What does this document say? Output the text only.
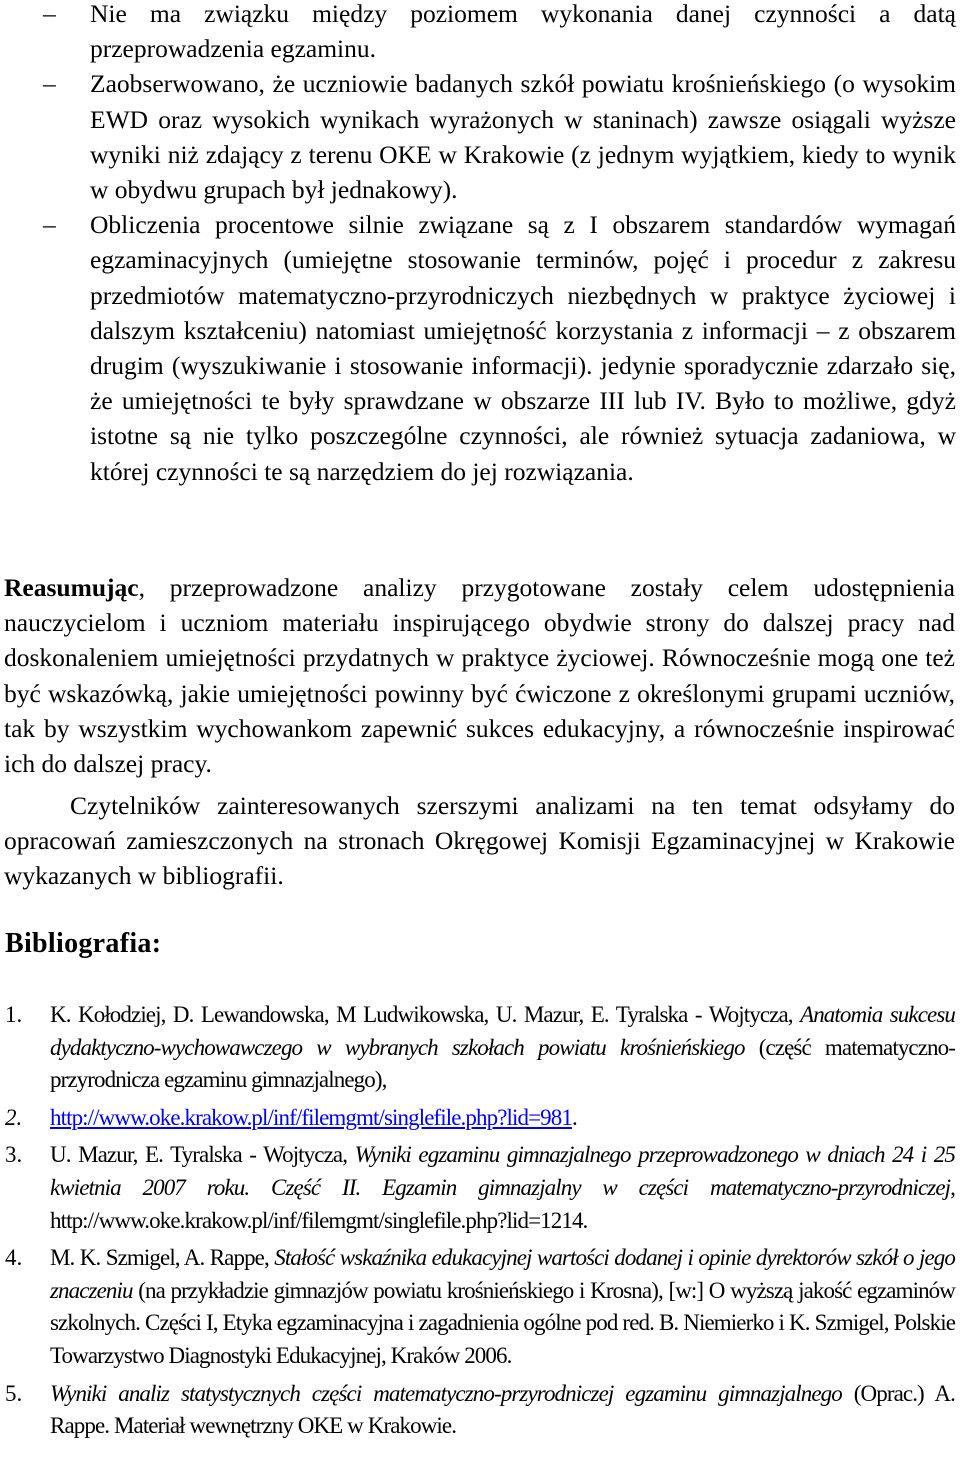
– Nie ma związku między poziomem wykonania danej czynności a datą przeprowadzenia egzaminu.
– Zaobserwowano, że uczniowie badanych szkół powiatu krośnieńskiego (o wysokim EWD oraz wysokich wynikach wyrażonych w staninach) zawsze osiągali wyższe wyniki niż zdający z terenu OKE w Krakowie (z jednym wyjątkiem, kiedy to wynik w obydwu grupach był jednakowy).
– Obliczenia procentowe silnie związane są z I obszarem standardów wymagań egzaminacyjnych (umiejętne stosowanie terminów, pojęć i procedur z zakresu przedmiotów matematyczno-przyrodniczych niezbędnych w praktyce życiowej i dalszym kształceniu) natomiast umiejętność korzystania z informacji – z obszarem drugim (wyszukiwanie i stosowanie informacji). jedynie sporadycznie zdarzało się, że umiejętności te były sprawdzane w obszarze III lub IV. Było to możliwe, gdyż istotne są nie tylko poszczególne czynności, ale również sytuacja zadaniowa, w której czynności te są narzędziem do jej rozwiązania.

Reasumując, przeprowadzone analizy przygotowane zostały celem udostępnienia nauczycielom i uczniom materiału inspirującego obydwie strony do dalszej pracy nad doskonaleniem umiejętności przydatnych w praktyce życiowej. Równocześnie mogą one też być wskazówką, jakie umiejętności powinny być ćwiczone z określonymi grupami uczniów, tak by wszystkim wychowankom zapewnić sukces edukacyjny, a równocześnie inspirować ich do dalszej pracy.

Czytelników zainteresowanych szerszymi analizami na ten temat odsyłamy do opracowań zamieszczonych na stronach Okręgowej Komisji Egzaminacyjnej w Krakowie wykazanych w bibliografii.

Bibliografia:
1. K. Kołodziej, D. Lewandowska, M Ludwikowska, U. Mazur, E. Tyralska - Wojtycza, Anatomia sukcesu dydaktyczno-wychowawczego w wybranych szkołach powiatu krośnieńskiego (część matematyczno-przyrodnicza egzaminu gimnazjalnego),
2. http://www.oke.krakow.pl/inf/filemgmt/singlefile.php?lid=981.
3. U. Mazur, E. Tyralska - Wojtycza, Wyniki egzaminu gimnazjalnego przeprowadzonego w dniach 24 i 25 kwietnia 2007 roku. Część II. Egzamin gimnazjalny w części matematyczno-przyrodniczej, http://www.oke.krakow.pl/inf/filemgmt/singlefile.php?lid=1214.
4. M. K. Szmigel, A. Rappe, Stałość wskaźnika edukacyjnej wartości dodanej i opinie dyrektorów szkół o jego znaczeniu (na przykładzie gimnazjów powiatu krośnieńskiego i Krosna), [w:] O wyższą jakość egzaminów szkolnych. Części I, Etyka egzaminacyjna i zagadnienia ogólne pod red. B. Niemierko i K. Szmigel, Polskie Towarzystwo Diagnostyki Edukacyjnej, Kraków 2006.
5. Wyniki analiz statystycznych części matematyczno-przyrodniczej egzaminu gimnazjalnego (Oprac.) A. Rappe. Materiał wewnętrzny OKE w Krakowie.
